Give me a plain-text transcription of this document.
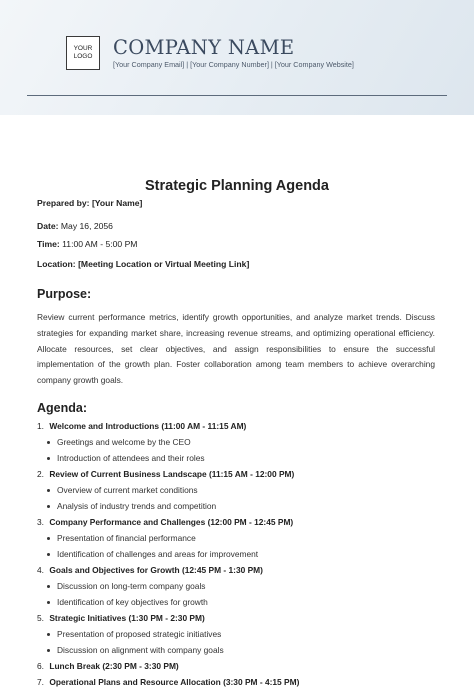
YOUR
LOGO COMPANY NAME
[Your Company Email] | [Your Company Number] | [Your Company Website]
Strategic Planning Agenda
Prepared by: [Your Name]
Date: May 16, 2056
Time: 11:00 AM - 5:00 PM
Location: [Meeting Location or Virtual Meeting Link]
Purpose:
Review current performance metrics, identify growth opportunities, and analyze market trends. Discuss strategies for expanding market share, increasing revenue streams, and optimizing operational efficiency. Allocate resources, set clear objectives, and assign responsibilities to ensure the successful implementation of the growth plan. Foster collaboration among team members to achieve overarching company growth goals.
Agenda:
1. Welcome and Introductions (11:00 AM - 11:15 AM)
Greetings and welcome by the CEO
Introduction of attendees and their roles
2. Review of Current Business Landscape (11:15 AM - 12:00 PM)
Overview of current market conditions
Analysis of industry trends and competition
3. Company Performance and Challenges (12:00 PM - 12:45 PM)
Presentation of financial performance
Identification of challenges and areas for improvement
4. Goals and Objectives for Growth (12:45 PM - 1:30 PM)
Discussion on long-term company goals
Identification of key objectives for growth
5. Strategic Initiatives (1:30 PM - 2:30 PM)
Presentation of proposed strategic initiatives
Discussion on alignment with company goals
6. Lunch Break (2:30 PM - 3:30 PM)
7. Operational Plans and Resource Allocation (3:30 PM - 4:15 PM)
